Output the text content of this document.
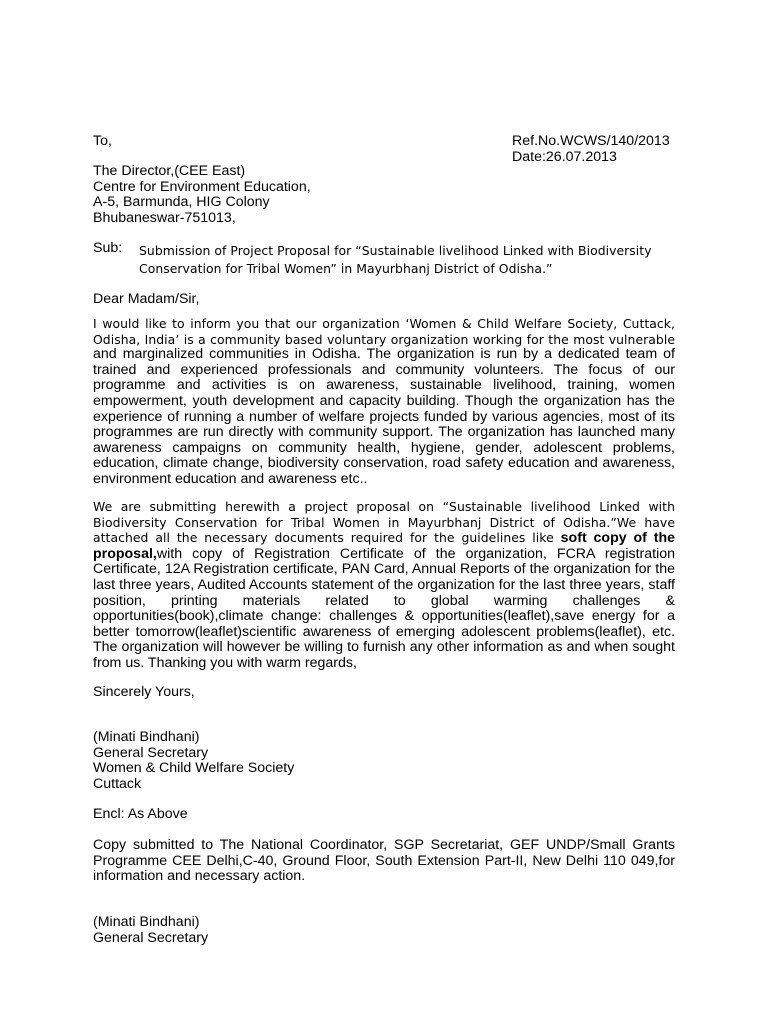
To,	Ref.No.WCWS/140/2013
Date:26.07.2013
The Director,(CEE East)
Centre for Environment Education,
A-5, Barmunda, HIG Colony
Bhubaneswar-751013,
Sub: Submission of Project Proposal for “Sustainable livelihood Linked with Biodiversity
Conservation for Tribal Women” in Mayurbhanj District of Odisha.”
Dear Madam/Sir,
I would like to inform you that our organization ‘Women & Child Welfare Society, Cuttack,
Odisha, India’ is a community based voluntary organization working for the most vulnerable
and marginalized communities in Odisha. The organization is run by a dedicated team of trained and experienced professionals and community volunteers. The focus of our programme and activities is on awareness, sustainable livelihood, training, women empowerment, youth development and capacity building. Though the organization has the experience of running a number of welfare projects funded by various agencies, most of its programmes are run directly with community support. The organization has launched many awareness campaigns on community health, hygiene, gender, adolescent problems, education, climate change, biodiversity conservation, road safety education and awareness, environment education and awareness etc..
We are submitting herewith a project proposal on “Sustainable livelihood Linked with
Biodiversity Conservation for Tribal Women in Mayurbhanj District of Odisha.”We have
attached all the necessary documents required for the guidelines like soft copy of the
proposal,with copy of Registration Certificate of the organization, FCRA registration Certificate, 12A Registration certificate, PAN Card, Annual Reports of the organization for the last three years, Audited Accounts statement of the organization for the last three years, staff position, printing materials related to global warming challenges & opportunities(book),climate change: challenges & opportunities(leaflet),save energy for a better tomorrow(leaflet)scientific awareness of emerging adolescent problems(leaflet), etc. The organization will however be willing to furnish any other information as and when sought from us. Thanking you with warm regards,
Sincerely Yours,
(Minati Bindhani)
General Secretary
Women & Child Welfare Society
Cuttack
Encl: As Above
Copy submitted to The National Coordinator, SGP Secretariat, GEF UNDP/Small Grants Programme CEE Delhi,C-40, Ground Floor, South Extension Part-II, New Delhi 110 049,for information and necessary action.
(Minati Bindhani)
General Secretary
